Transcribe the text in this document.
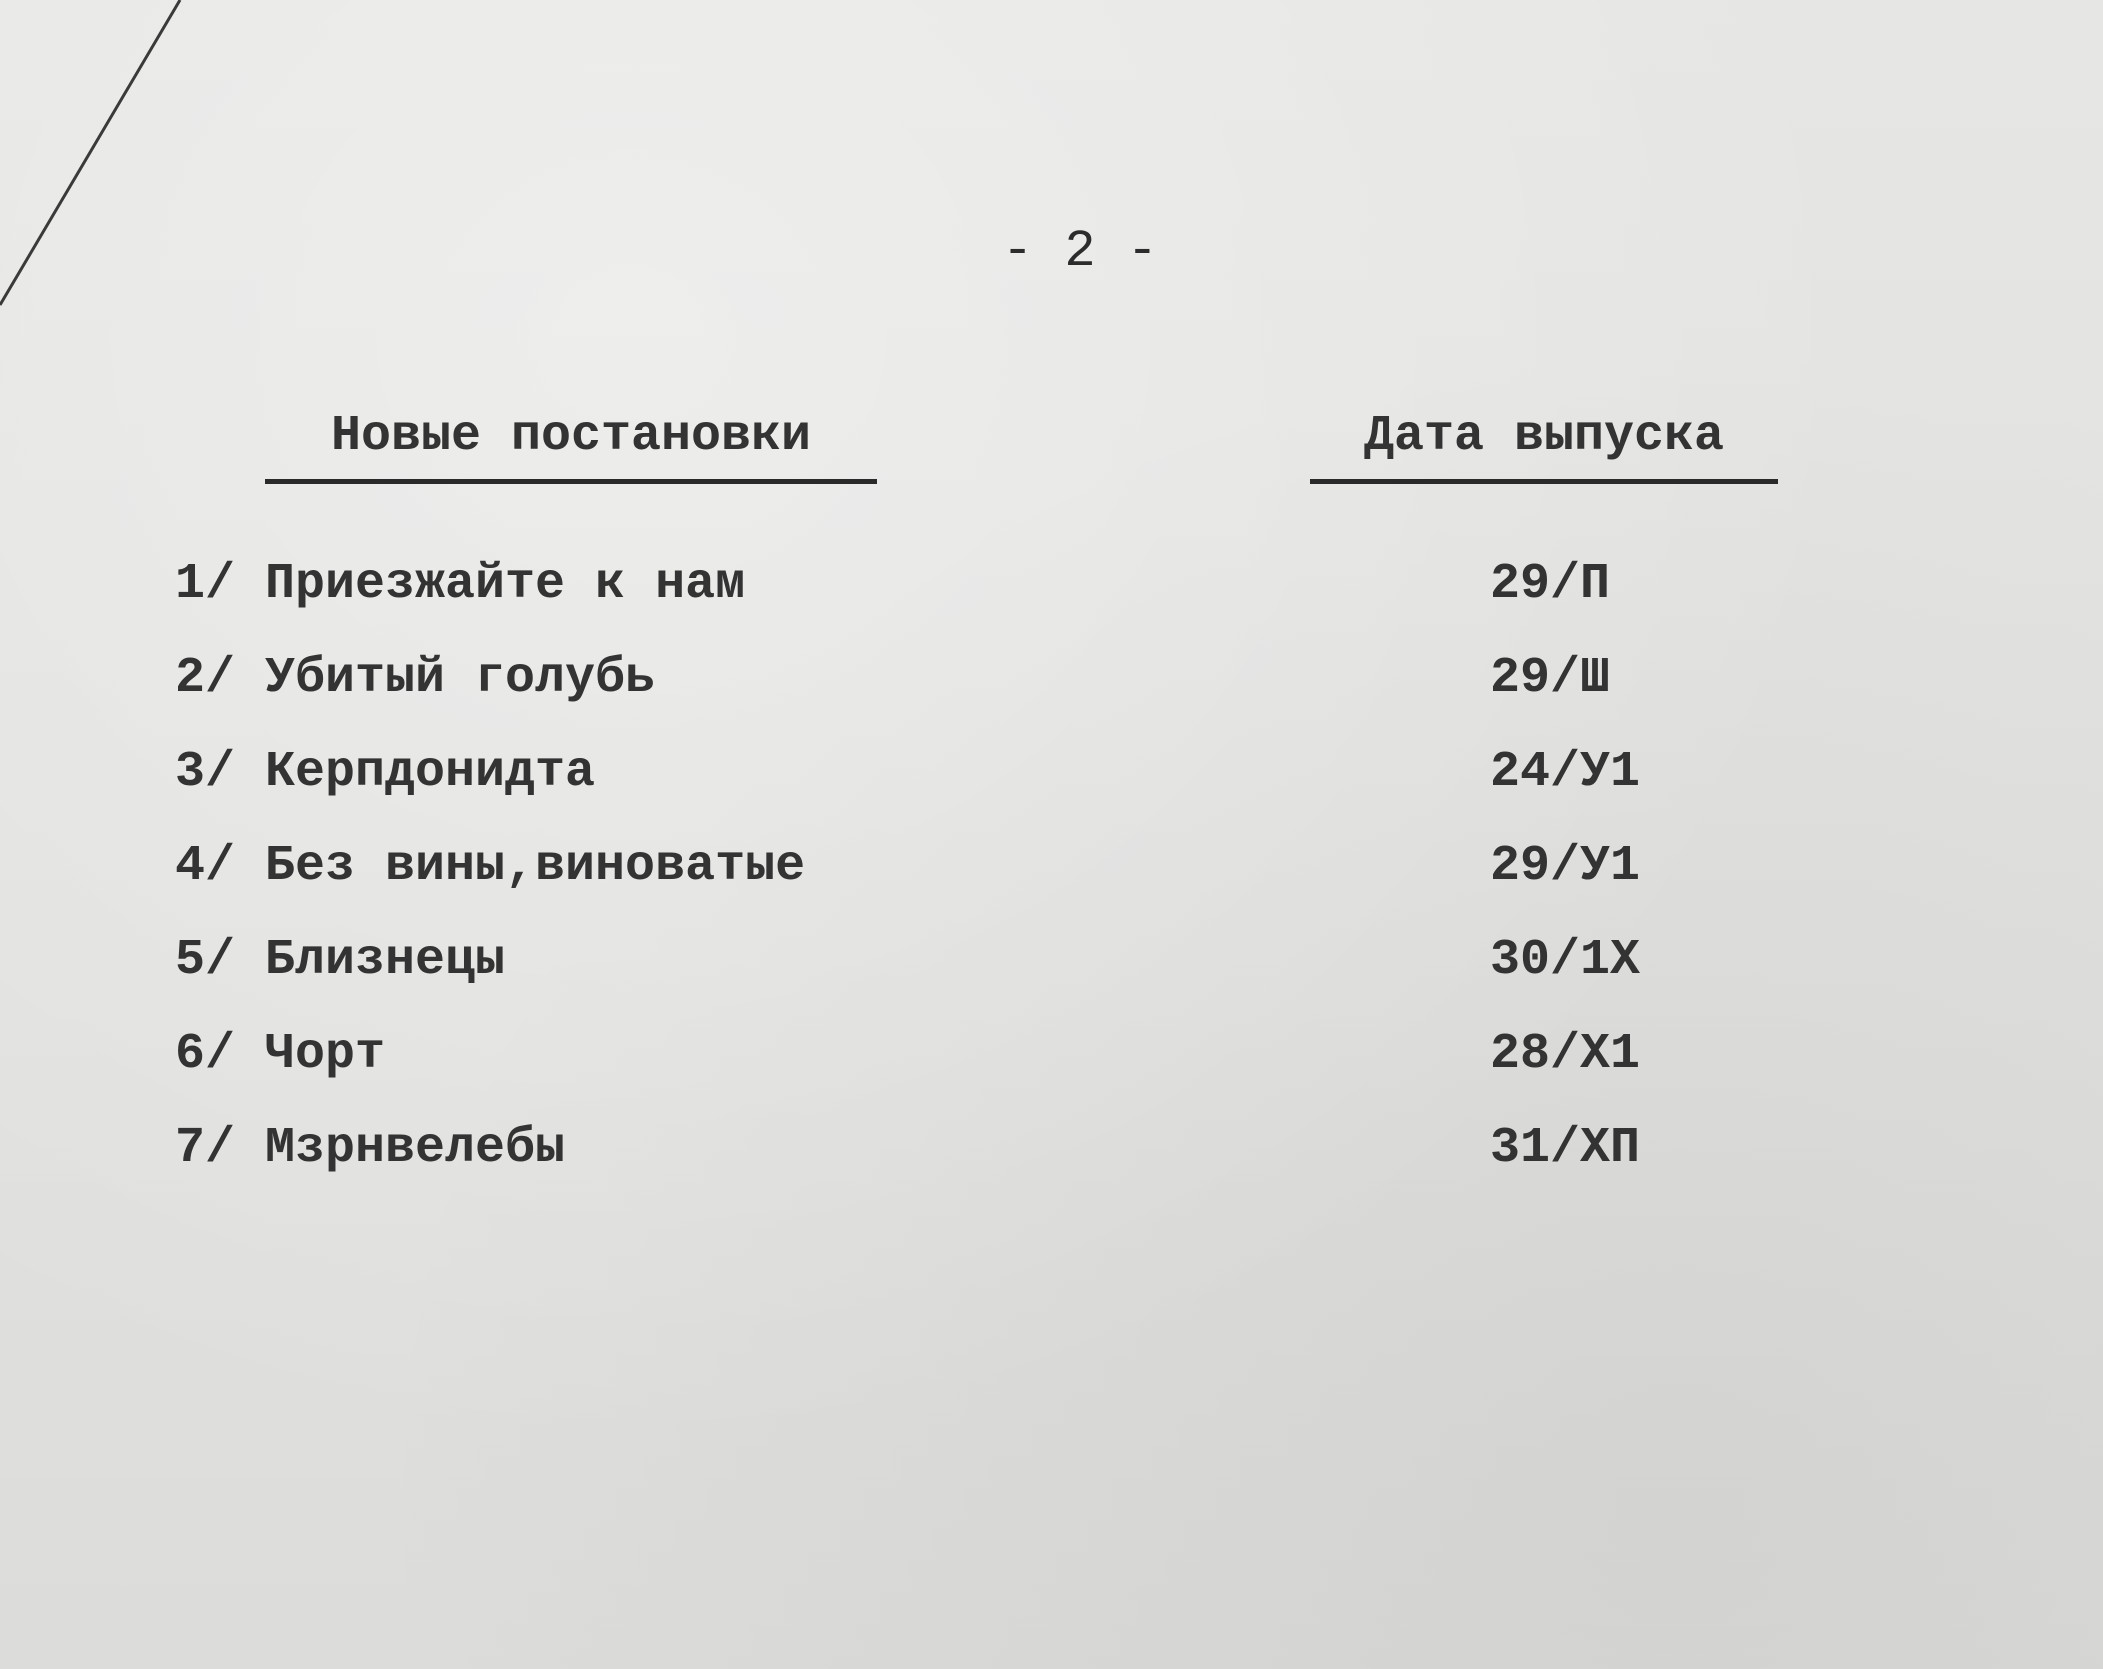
- 2 -
Новые постановки	Дата выпуска
1/ Приезжайте к нам	29/П
2/ Убитый голубь	29/Ш
3/ Керпдонидта	24/У1
4/ Без вины,виноватые	29/У1
5/ Близнецы	30/1Х
6/ Чорт	28/Х1
7/ Мзрнвелебы	31/ХП
